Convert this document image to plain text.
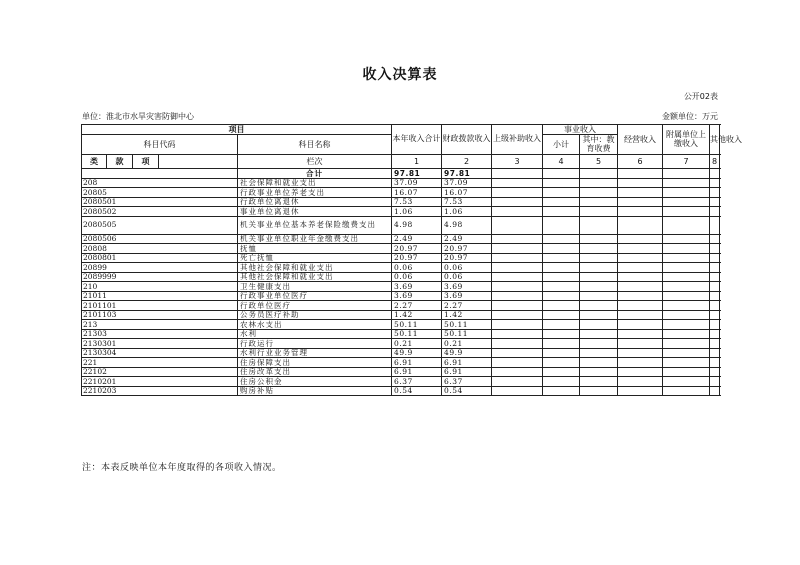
收入决算表
公开02表
单位：淮北市水旱灾害防御中心	金额单位：万元
项目					本年收入合计	财政拨款收入	上级补助收入	事业收入		经营收入	附属单位上缴收入	其他收入
科目代码				科目名称				小计	其中：教育收费			
类	款	项		栏次	1	2	3	4	5	6	7	8
				合计	97.81	97.81						
208				社会保障和就业支出	37.09	37.09						
20805				行政事业单位养老支出	16.07	16.07						
2080501				行政单位离退休	7.53	7.53						
2080502				事业单位离退休	1.06	1.06						
2080505				机关事业单位基本养老保险缴费支出	4.98	4.98						
2080506				机关事业单位职业年金缴费支出	2.49	2.49						
20808				抚恤	20.97	20.97						
2080801				死亡抚恤	20.97	20.97						
20899				其他社会保障和就业支出	0.06	0.06						
2089999				其他社会保障和就业支出	0.06	0.06						
210				卫生健康支出	3.69	3.69						
21011				行政事业单位医疗	3.69	3.69						
2101101				行政单位医疗	2.27	2.27						
2101103				公务员医疗补助	1.42	1.42						
213				农林水支出	50.11	50.11						
21303				水利	50.11	50.11						
2130301				行政运行	0.21	0.21						
2130304				水利行业业务管理	49.9	49.9						
221				住房保障支出	6.91	6.91						
22102				住房改革支出	6.91	6.91						
2210201				住房公积金	6.37	6.37						
2210203				购房补贴	0.54	0.54						
注：本表反映单位本年度取得的各项收入情况。
